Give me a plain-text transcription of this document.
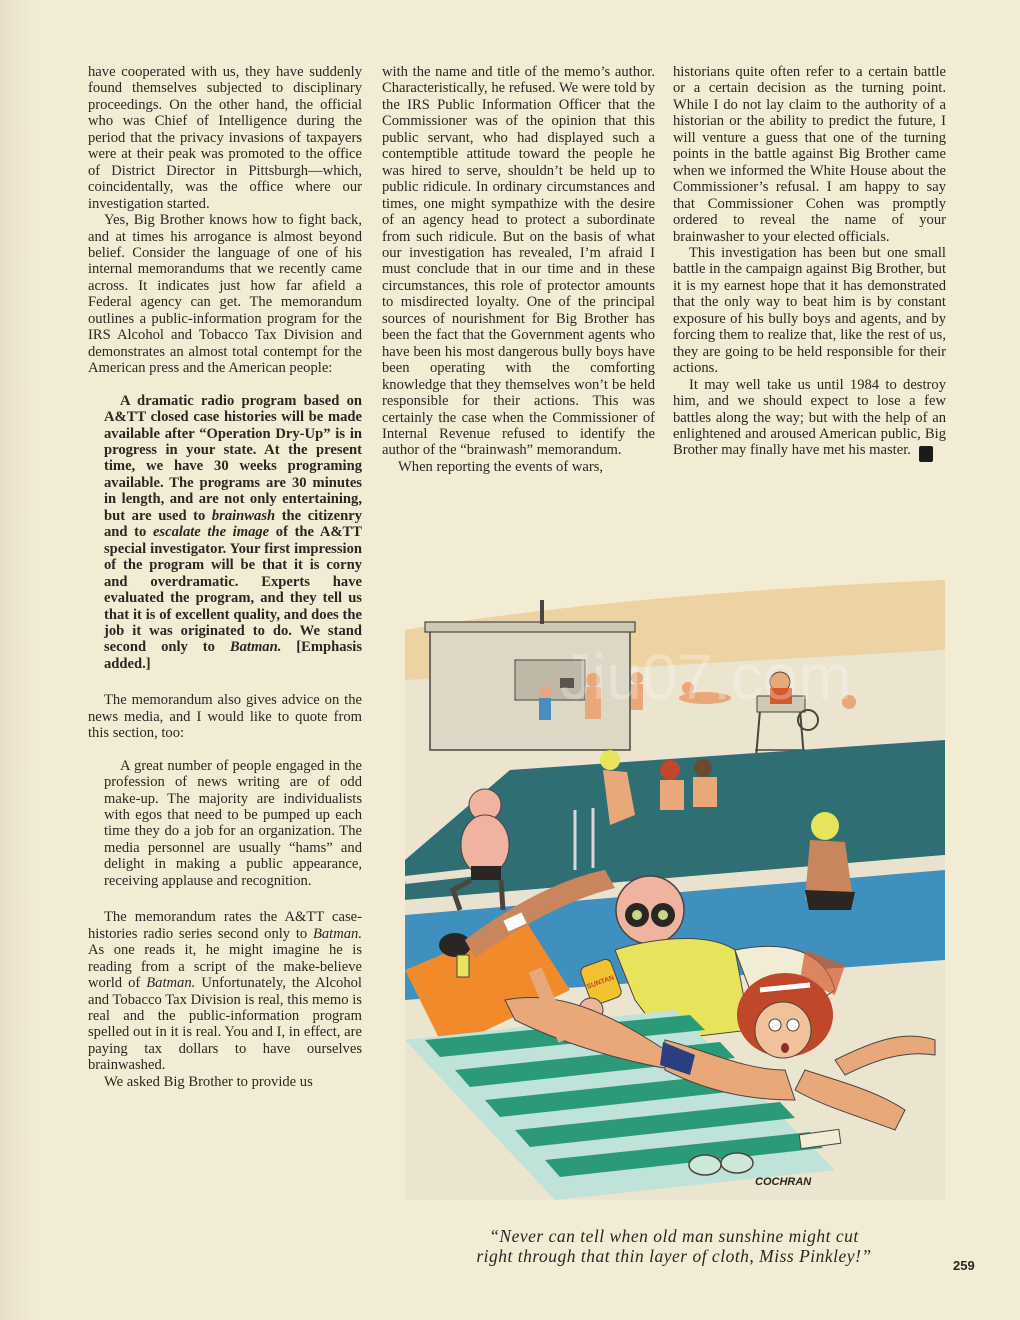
have cooperated with us, they have suddenly found themselves subjected to disciplinary proceedings. On the other hand, the official who was Chief of Intelligence during the period that the privacy invasions of taxpayers were at their peak was promoted to the office of District Director in Pittsburgh—which, coincidentally, was the office where our investigation started.

Yes, Big Brother knows how to fight back, and at times his arrogance is almost beyond belief. Consider the language of one of his internal memorandums that we recently came across. It indicates just how far afield a Federal agency can get. The memorandum outlines a public-information program for the IRS Alcohol and Tobacco Tax Division and demonstrates an almost total contempt for the American press and the American people:

A dramatic radio program based on A&TT closed case histories will be made available after “Operation Dry-Up” is in progress in your state. At the present time, we have 30 weeks programing available. The programs are 30 minutes in length, and are not only entertaining, but are used to brainwash the citizenry and to escalate the image of the A&TT special investigator. Your first impression of the program will be that it is corny and overdramatic. Experts have evaluated the program, and they tell us that it is of excellent quality, and does the job it was originated to do. We stand second only to Batman. [Emphasis added.]

The memorandum also gives advice on the news media, and I would like to quote from this section, too:

A great number of people engaged in the profession of news writing are of odd make-up. The majority are individualists with egos that need to be pumped up each time they do a job for an organization. The media personnel are usually “hams” and delight in making a public appearance, receiving applause and recognition.

The memorandum rates the A&TT case-histories radio series second only to Batman. As one reads it, he might imagine he is reading from a script of the make-believe world of Batman. Unfortunately, the Alcohol and Tobacco Tax Division is real, this memo is real and the public-information program spelled out in it is real. You and I, in effect, are paying tax dollars to have ourselves brainwashed.

We asked Big Brother to provide us

with the name and title of the memo’s author. Characteristically, he refused. We were told by the IRS Public Information Officer that the Commissioner was of the opinion that this public servant, who had displayed such a contemptible attitude toward the people he was hired to serve, shouldn’t be held up to public ridicule. In ordinary circumstances and times, one might sympathize with the desire of an agency head to protect a subordinate from such ridicule. But on the basis of what our investigation has revealed, I’m afraid I must conclude that in our time and in these circumstances, this role of protector amounts to misdirected loyalty. One of the principal sources of nourishment for Big Brother has been the fact that the Government agents who have been his most dangerous bully boys have been operating with the comforting knowledge that they themselves won’t be held responsible for their actions. This was certainly the case when the Commissioner of Internal Revenue refused to identify the author of the “brainwash” memorandum.

When reporting the events of wars,

historians quite often refer to a certain battle or a certain decision as the turning point. While I do not lay claim to the authority of a historian or the ability to predict the future, I will venture a guess that one of the turning points in the battle against Big Brother came when we informed the White House about the Commissioner’s refusal. I am happy to say that Commissioner Cohen was promptly ordered to reveal the name of your brainwasher to your elected officials.

This investigation has been but one small battle in the campaign against Big Brother, but it is my earnest hope that it has demonstrated that the only way to beat him is by constant exposure of his bully boys and agents, and by forcing them to realize that, like the rest of us, they are going to be held responsible for their actions.

It may well take us until 1984 to destroy him, and we should expect to lose a few battles along the way; but with the help of an enlightened and aroused American public, Big Brother may finally have met his master. ♣

SUNTAN
COCHRAN
Jiu07.com
“Never can tell when old man sunshine might cut
right through that thin layer of cloth, Miss Pinkley!”	259
